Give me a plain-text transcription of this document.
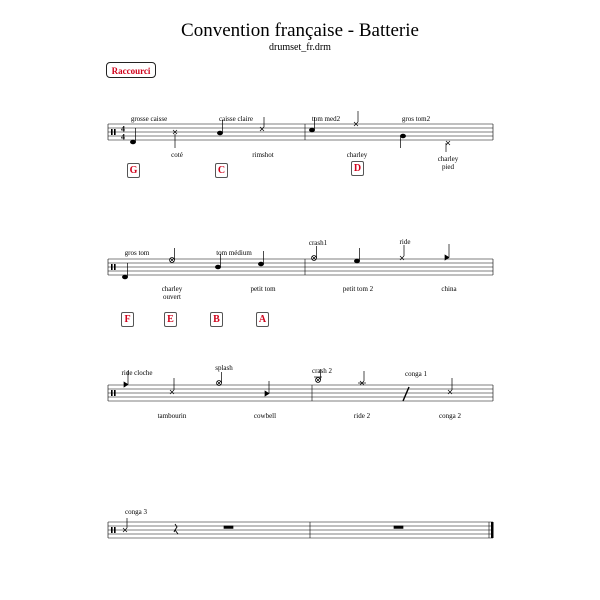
Convention française - Batterie
drumset_fr.drm
Raccourci
4
4
grosse caisse	caisse claire	tom med2	gros tom2
coté	rimshot	charley	charley
pied
G	C	D
gros tom	tom médium
crash1	ride
charley
ouvert
petit tom	petit tom 2	china
F	E	B	A
ride cloche
splash	crash 2	conga 1
tambourin	cowbell	ride 2	conga 2
conga 3
